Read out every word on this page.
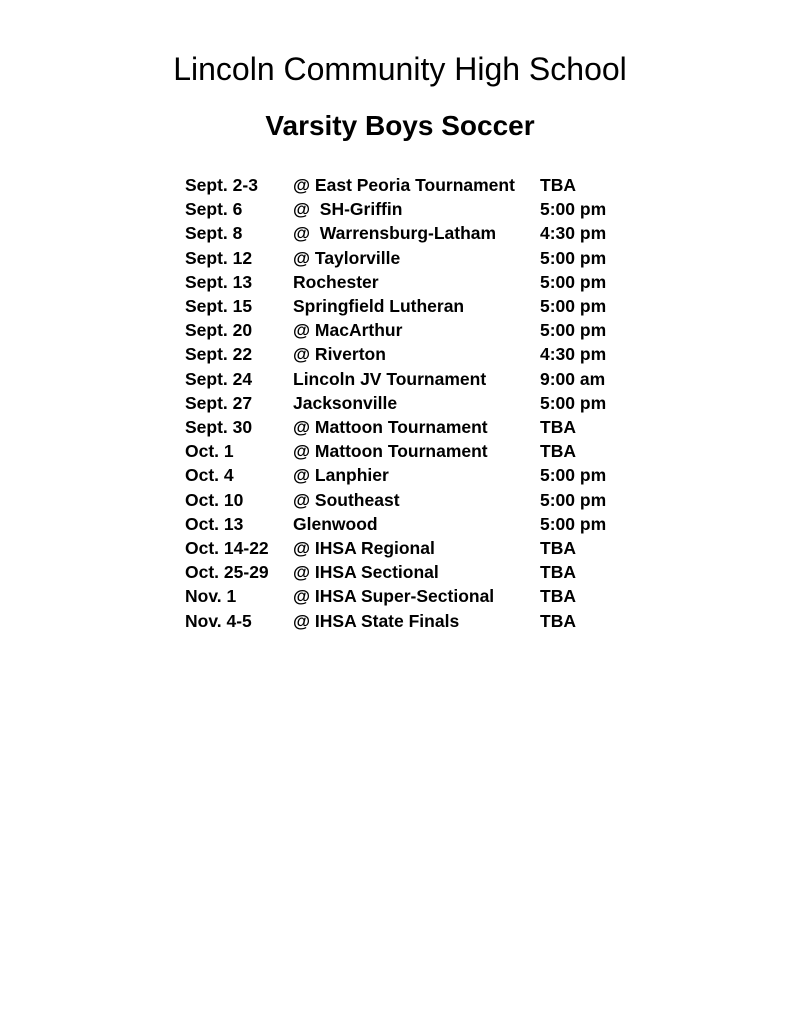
Lincoln Community High School
Varsity Boys Soccer
Sept. 2-3	@ East Peoria Tournament	TBA
Sept. 6	@  SH-Griffin	5:00 pm
Sept. 8	@  Warrensburg-Latham	4:30 pm
Sept. 12	@ Taylorville	5:00 pm
Sept. 13	Rochester	5:00 pm
Sept. 15	Springfield Lutheran	5:00 pm
Sept. 20	@ MacArthur	5:00 pm
Sept. 22	@ Riverton	4:30 pm
Sept. 24	Lincoln JV Tournament	9:00 am
Sept. 27	Jacksonville	5:00 pm
Sept. 30	@ Mattoon Tournament	TBA
Oct. 1	@ Mattoon Tournament	TBA
Oct. 4	@ Lanphier	5:00 pm
Oct. 10	@ Southeast	5:00 pm
Oct. 13	Glenwood	5:00 pm
Oct. 14-22	@ IHSA Regional	TBA
Oct. 25-29	@ IHSA Sectional	TBA
Nov. 1	@ IHSA Super-Sectional	TBA
Nov. 4-5	@ IHSA State Finals	TBA
